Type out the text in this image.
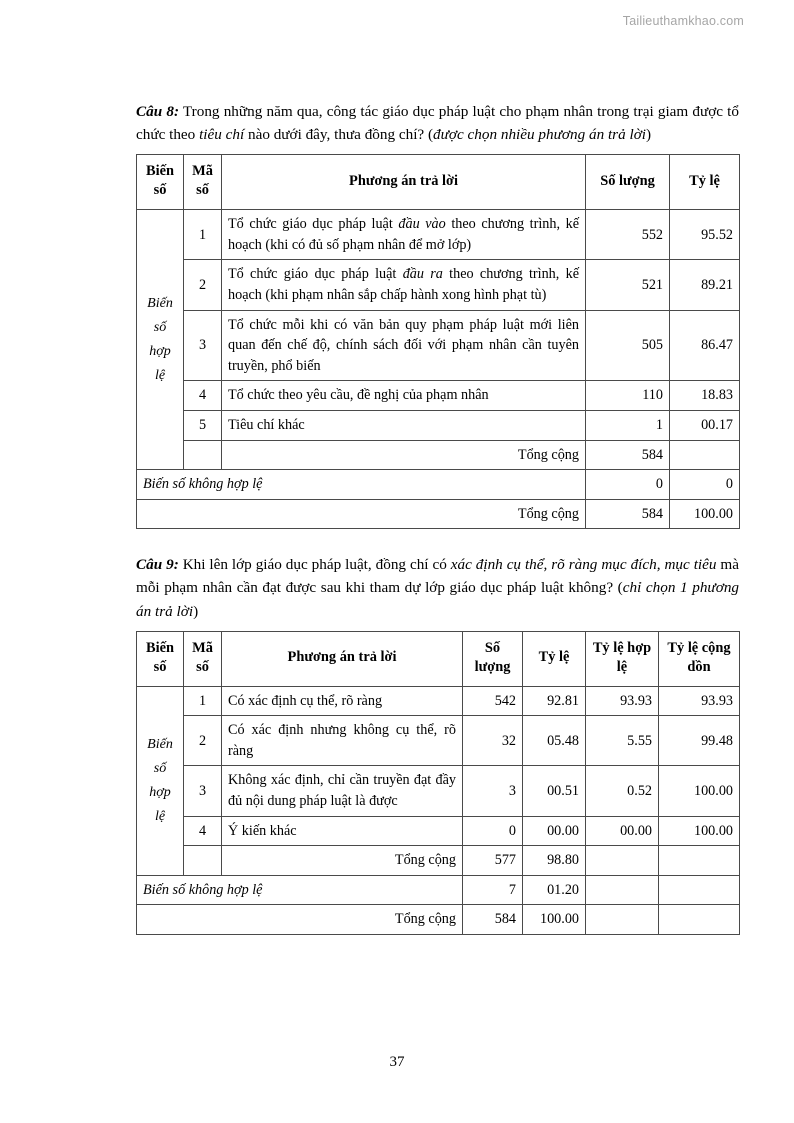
Tailieuthamkhao.com

Câu 8: Trong những năm qua, công tác giáo dục pháp luật cho phạm nhân trong trại giam được tổ chức theo tiêu chí nào dưới đây, thưa đồng chí? (được chọn nhiều phương án trả lời)

Biến số	Mã số	Phương án trả lời	Số lượng	Tỷ lệ
Biến số hợp lệ	1	Tổ chức giáo dục pháp luật đầu vào theo chương trình, kế hoạch (khi có đủ số phạm nhân để mở lớp)	552	95.52
	2	Tổ chức giáo dục pháp luật đầu ra theo chương trình, kế hoạch (khi phạm nhân sắp chấp hành xong hình phạt tù)	521	89.21
	3	Tổ chức mỗi khi có văn bản quy phạm pháp luật mới liên quan đến chế độ, chính sách đối với phạm nhân cần tuyên truyền, phổ biến	505	86.47
	4	Tổ chức theo yêu cầu, đề nghị của phạm nhân	110	18.83
	5	Tiêu chí khác	1	00.17
		Tổng cộng	584	
Biến số không hợp lệ			0	0
Tổng cộng			584	100.00

Câu 9: Khi lên lớp giáo dục pháp luật, đồng chí có xác định cụ thể, rõ ràng mục đích, mục tiêu mà mỗi phạm nhân cần đạt được sau khi tham dự lớp giáo dục pháp luật không? (chỉ chọn 1 phương án trả lời)

Biến số	Mã số	Phương án trả lời	Số lượng	Tỷ lệ	Tỷ lệ hợp lệ	Tỷ lệ cộng dồn
Biến số hợp lệ	1	Có xác định cụ thể, rõ ràng	542	92.81	93.93	93.93
	2	Có xác định nhưng không cụ thể, rõ ràng	32	05.48	5.55	99.48
	3	Không xác định, chỉ cần truyền đạt đầy đủ nội dung pháp luật là được	3	00.51	0.52	100.00
	4	Ý kiến khác	0	00.00	00.00	100.00
		Tổng cộng	577	98.80		
Biến số không hợp lệ			7	01.20		
Tổng cộng			584	100.00		
37
